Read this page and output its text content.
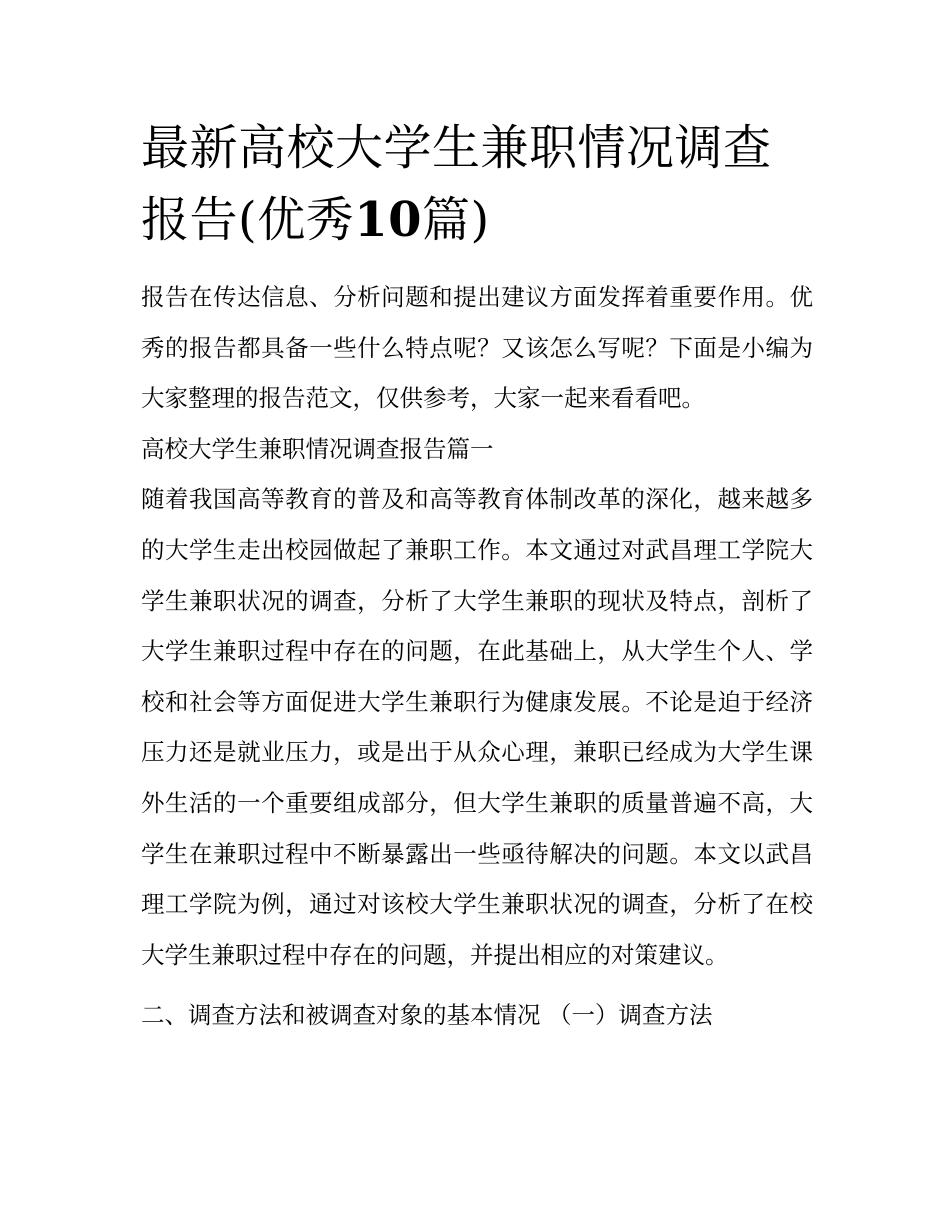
最新高校大学生兼职情况调查报告(优秀10篇)

报告在传达信息、分析问题和提出建议方面发挥着重要作用。优秀的报告都具备一些什么特点呢？又该怎么写呢？下面是小编为大家整理的报告范文，仅供参考，大家一起来看看吧。

高校大学生兼职情况调查报告篇一

随着我国高等教育的普及和高等教育体制改革的深化，越来越多的大学生走出校园做起了兼职工作。本文通过对武昌理工学院大学生兼职状况的调查，分析了大学生兼职的现状及特点，剖析了大学生兼职过程中存在的问题，在此基础上，从大学生个人、学校和社会等方面促进大学生兼职行为健康发展。不论是迫于经济压力还是就业压力，或是出于从众心理，兼职已经成为大学生课外生活的一个重要组成部分，但大学生兼职的质量普遍不高，大学生在兼职过程中不断暴露出一些亟待解决的问题。本文以武昌理工学院为例，通过对该校大学生兼职状况的调查，分析了在校大学生兼职过程中存在的问题，并提出相应的对策建议。

二、调查方法和被调查对象的基本情况 （一）调查方法
